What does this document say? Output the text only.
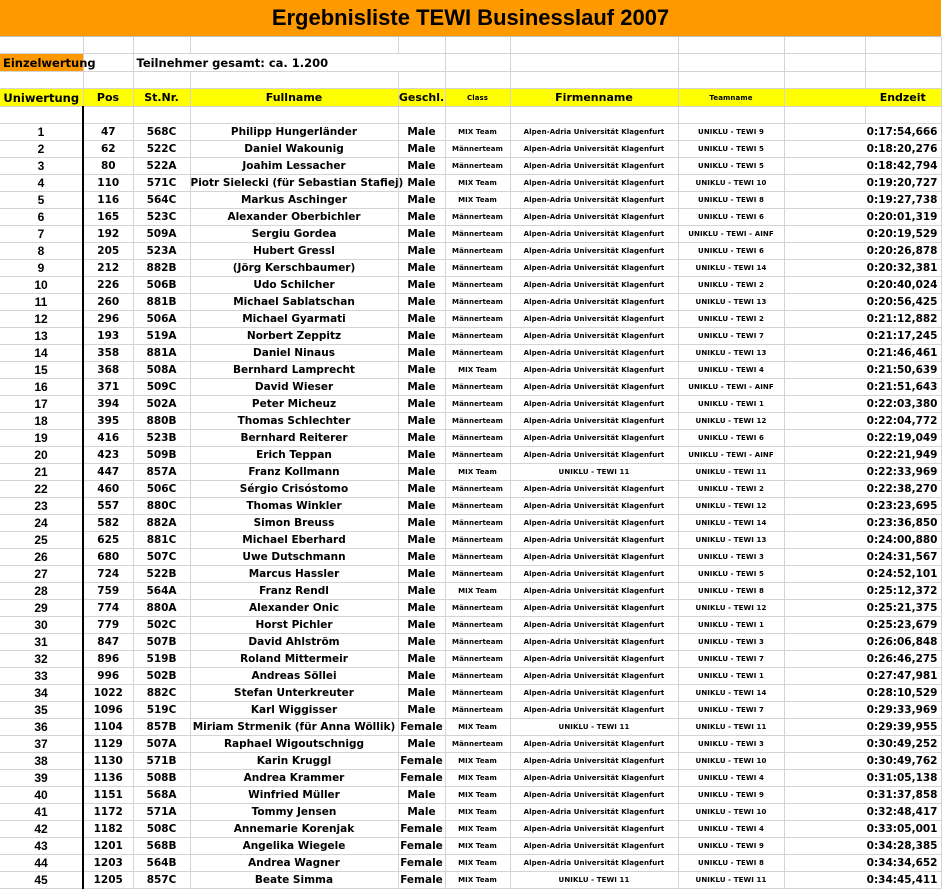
Ergebnisliste TEWI Businesslauf 2007

Einzelwertung		Teilnehmer gesamt: ca. 1.200							

Uniwertung	Pos	St.Nr.	Fullname	Geschl.	Class	Firmenname	Teamname		Endzeit

1	47	568C	Philipp Hungerländer	Male	MIX Team	Alpen-Adria Universität Klagenfurt	UNIKLU - TEWI 9		0:17:54,666
2	62	522C	Daniel Wakounig	Male	Männerteam	Alpen-Adria Universität Klagenfurt	UNIKLU - TEWI 5		0:18:20,276
3	80	522A	Joahim Lessacher	Male	Männerteam	Alpen-Adria Universität Klagenfurt	UNIKLU - TEWI 5		0:18:42,794
4	110	571C	Piotr Sielecki (für Sebastian Stafiej)	Male	MIX Team	Alpen-Adria Universität Klagenfurt	UNIKLU - TEWI 10		0:19:20,727
5	116	564C	Markus Aschinger	Male	MIX Team	Alpen-Adria Universität Klagenfurt	UNIKLU - TEWI 8		0:19:27,738
6	165	523C	Alexander Oberbichler	Male	Männerteam	Alpen-Adria Universität Klagenfurt	UNIKLU - TEWI 6		0:20:01,319
7	192	509A	Sergiu Gordea	Male	Männerteam	Alpen-Adria Universität Klagenfurt	UNIKLU - TEWI - AINF		0:20:19,529
8	205	523A	Hubert Gressl	Male	Männerteam	Alpen-Adria Universität Klagenfurt	UNIKLU - TEWI 6		0:20:26,878
9	212	882B	(Jörg Kerschbaumer)	Male	Männerteam	Alpen-Adria Universität Klagenfurt	UNIKLU - TEWI 14		0:20:32,381
10	226	506B	Udo Schilcher	Male	Männerteam	Alpen-Adria Universität Klagenfurt	UNIKLU - TEWI 2		0:20:40,024
11	260	881B	Michael Sablatschan	Male	Männerteam	Alpen-Adria Universität Klagenfurt	UNIKLU - TEWI 13		0:20:56,425
12	296	506A	Michael Gyarmati	Male	Männerteam	Alpen-Adria Universität Klagenfurt	UNIKLU - TEWI 2		0:21:12,882
13	193	519A	Norbert Zeppitz	Male	Männerteam	Alpen-Adria Universität Klagenfurt	UNIKLU - TEWI 7		0:21:17,245
14	358	881A	Daniel Ninaus	Male	Männerteam	Alpen-Adria Universität Klagenfurt	UNIKLU - TEWI 13		0:21:46,461
15	368	508A	Bernhard Lamprecht	Male	MIX Team	Alpen-Adria Universität Klagenfurt	UNIKLU - TEWI 4		0:21:50,639
16	371	509C	David Wieser	Male	Männerteam	Alpen-Adria Universität Klagenfurt	UNIKLU - TEWI - AINF		0:21:51,643
17	394	502A	Peter Micheuz	Male	Männerteam	Alpen-Adria Universität Klagenfurt	UNIKLU - TEWI 1		0:22:03,380
18	395	880B	Thomas Schlechter	Male	Männerteam	Alpen-Adria Universität Klagenfurt	UNIKLU - TEWI 12		0:22:04,772
19	416	523B	Bernhard Reiterer	Male	Männerteam	Alpen-Adria Universität Klagenfurt	UNIKLU - TEWI 6		0:22:19,049
20	423	509B	Erich Teppan	Male	Männerteam	Alpen-Adria Universität Klagenfurt	UNIKLU - TEWI - AINF		0:22:21,949
21	447	857A	Franz Kollmann	Male	MIX Team	UNIKLU - TEWI 11	UNIKLU - TEWI 11		0:22:33,969
22	460	506C	Sérgio Crisóstomo	Male	Männerteam	Alpen-Adria Universität Klagenfurt	UNIKLU - TEWI 2		0:22:38,270
23	557	880C	Thomas Winkler	Male	Männerteam	Alpen-Adria Universität Klagenfurt	UNIKLU - TEWI 12		0:23:23,695
24	582	882A	Simon Breuss	Male	Männerteam	Alpen-Adria Universität Klagenfurt	UNIKLU - TEWI 14		0:23:36,850
25	625	881C	Michael Eberhard	Male	Männerteam	Alpen-Adria Universität Klagenfurt	UNIKLU - TEWI 13		0:24:00,880
26	680	507C	Uwe Dutschmann	Male	Männerteam	Alpen-Adria Universität Klagenfurt	UNIKLU - TEWI 3		0:24:31,567
27	724	522B	Marcus Hassler	Male	Männerteam	Alpen-Adria Universität Klagenfurt	UNIKLU - TEWI 5		0:24:52,101
28	759	564A	Franz Rendl	Male	MIX Team	Alpen-Adria Universität Klagenfurt	UNIKLU - TEWI 8		0:25:12,372
29	774	880A	Alexander Onic	Male	Männerteam	Alpen-Adria Universität Klagenfurt	UNIKLU - TEWI 12		0:25:21,375
30	779	502C	Horst Pichler	Male	Männerteam	Alpen-Adria Universität Klagenfurt	UNIKLU - TEWI 1		0:25:23,679
31	847	507B	David Ahlström	Male	Männerteam	Alpen-Adria Universität Klagenfurt	UNIKLU - TEWI 3		0:26:06,848
32	896	519B	Roland Mittermeir	Male	Männerteam	Alpen-Adria Universität Klagenfurt	UNIKLU - TEWI 7		0:26:46,275
33	996	502B	Andreas Söllei	Male	Männerteam	Alpen-Adria Universität Klagenfurt	UNIKLU - TEWI 1		0:27:47,981
34	1022	882C	Stefan Unterkreuter	Male	Männerteam	Alpen-Adria Universität Klagenfurt	UNIKLU - TEWI 14		0:28:10,529
35	1096	519C	Karl Wiggisser	Male	Männerteam	Alpen-Adria Universität Klagenfurt	UNIKLU - TEWI 7		0:29:33,969
36	1104	857B	Miriam Strmenik (für Anna Wöllik)	Female	MIX Team	UNIKLU - TEWI 11	UNIKLU - TEWI 11		0:29:39,955
37	1129	507A	Raphael Wigoutschnigg	Male	Männerteam	Alpen-Adria Universität Klagenfurt	UNIKLU - TEWI 3		0:30:49,252
38	1130	571B	Karin Kruggl	Female	MIX Team	Alpen-Adria Universität Klagenfurt	UNIKLU - TEWI 10		0:30:49,762
39	1136	508B	Andrea Krammer	Female	MIX Team	Alpen-Adria Universität Klagenfurt	UNIKLU - TEWI 4		0:31:05,138
40	1151	568A	Winfried Müller	Male	MIX Team	Alpen-Adria Universität Klagenfurt	UNIKLU - TEWI 9		0:31:37,858
41	1172	571A	Tommy Jensen	Male	MIX Team	Alpen-Adria Universität Klagenfurt	UNIKLU - TEWI 10		0:32:48,417
42	1182	508C	Annemarie Korenjak	Female	MIX Team	Alpen-Adria Universität Klagenfurt	UNIKLU - TEWI 4		0:33:05,001
43	1201	568B	Angelika Wiegele	Female	MIX Team	Alpen-Adria Universität Klagenfurt	UNIKLU - TEWI 9		0:34:28,385
44	1203	564B	Andrea Wagner	Female	MIX Team	Alpen-Adria Universität Klagenfurt	UNIKLU - TEWI 8		0:34:34,652
45	1205	857C	Beate Simma	Female	MIX Team	UNIKLU - TEWI 11	UNIKLU - TEWI 11		0:34:45,411
